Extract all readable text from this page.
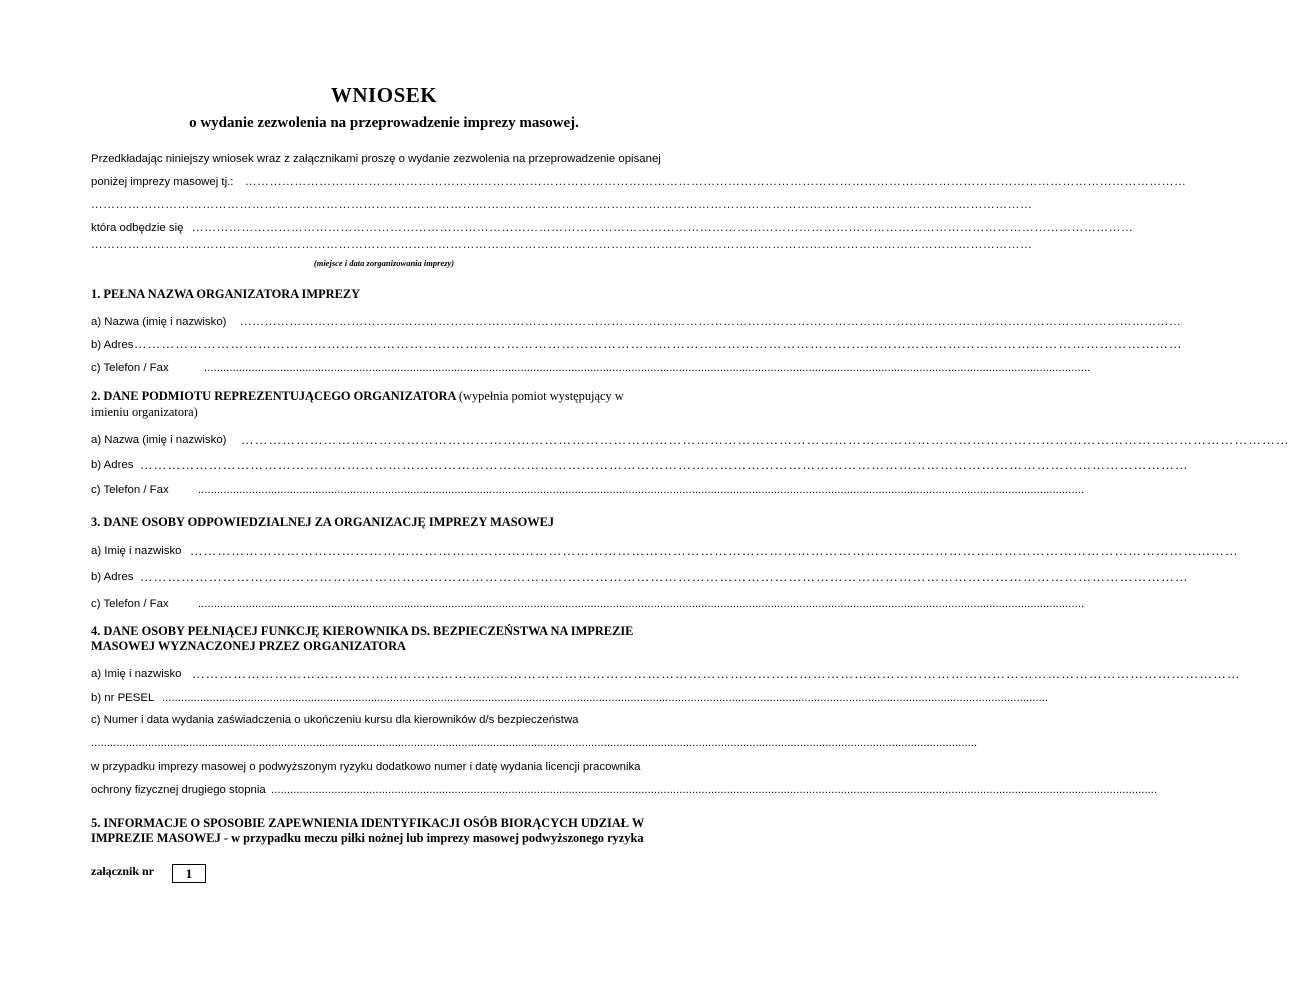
WNIOSEK
o wydanie zezwolenia na przeprowadzenie imprezy masowej.
Przedkładając niniejszy wniosek wraz z załącznikami proszę o wydanie zezwolenia na przeprowadzenie opisanej
poniżej imprezy masowej tj.: …………………………………………………………………………………………………………………………………………………………………………………………………………
…………………………………………………………………………………………………………………………………………………………………………………………………………
która odbędzie się …………………………………………………………………………………………………………………………………………………………………………………………………………
…………………………………………………………………………………………………………………………………………………………………………………………………………
(miejsce i data zorganizowania imprezy)
1. PEŁNA NAZWA ORGANIZATORA IMPREZY
a) Nazwa (imię i nazwisko) …………………………………………………………………………………………………………………………………………………………………………………………………………
b) Adres …………………………………………………………………………………………………………………………………………………………………………………………………………
c) Telefon / Fax	........................................................................................................................................................................................................................................................................................
2. DANE PODMIOTU REPREZENTUJĄCEGO ORGANIZATORA (wypełnia pomiot występujący w
imieniu organizatora)
a) Nazwa (imię i nazwisko) …………………………………………………………………………………………………………………………………………………………………………………………………………
b) Adres …………………………………………………………………………………………………………………………………………………………………………………………………………
c) Telefon / Fax	........................................................................................................................................................................................................................................................................................
3. DANE OSOBY ODPOWIEDZIALNEJ ZA ORGANIZACJĘ IMPREZY MASOWEJ
a) Imię i nazwisko …………………………………………………………………………………………………………………………………………………………………………………………………………
b) Adres …………………………………………………………………………………………………………………………………………………………………………………………………………
c) Telefon / Fax	........................................................................................................................................................................................................................................................................................
4. DANE OSOBY PEŁNIĄCEJ FUNKCJĘ KIEROWNIKA DS. BEZPIECZEŃSTWA NA IMPREZIE
MASOWEJ WYZNACZONEJ PRZEZ ORGANIZATORA
a) Imię i nazwisko …………………………………………………………………………………………………………………………………………………………………………………………………………
b) nr PESEL ........................................................................................................................................................................................................................................................................................
c) Numer i data wydania zaświadczenia o ukończeniu kursu dla kierowników d/s bezpieczeństwa
........................................................................................................................................................................................................................................................................................
w przypadku imprezy masowej o podwyższonym ryzyku dodatkowo numer i datę wydania licencji pracownika
ochrony fizycznej drugiego stopnia ........................................................................................................................................................................................................................................................................................
5. INFORMACJE O SPOSOBIE ZAPEWNIENIA IDENTYFIKACJI OSÓB BIORĄCYCH UDZIAŁ W
IMPREZIE MASOWEJ - w przypadku meczu piłki nożnej lub imprezy masowej podwyższonego ryzyka
załącznik nr	1
